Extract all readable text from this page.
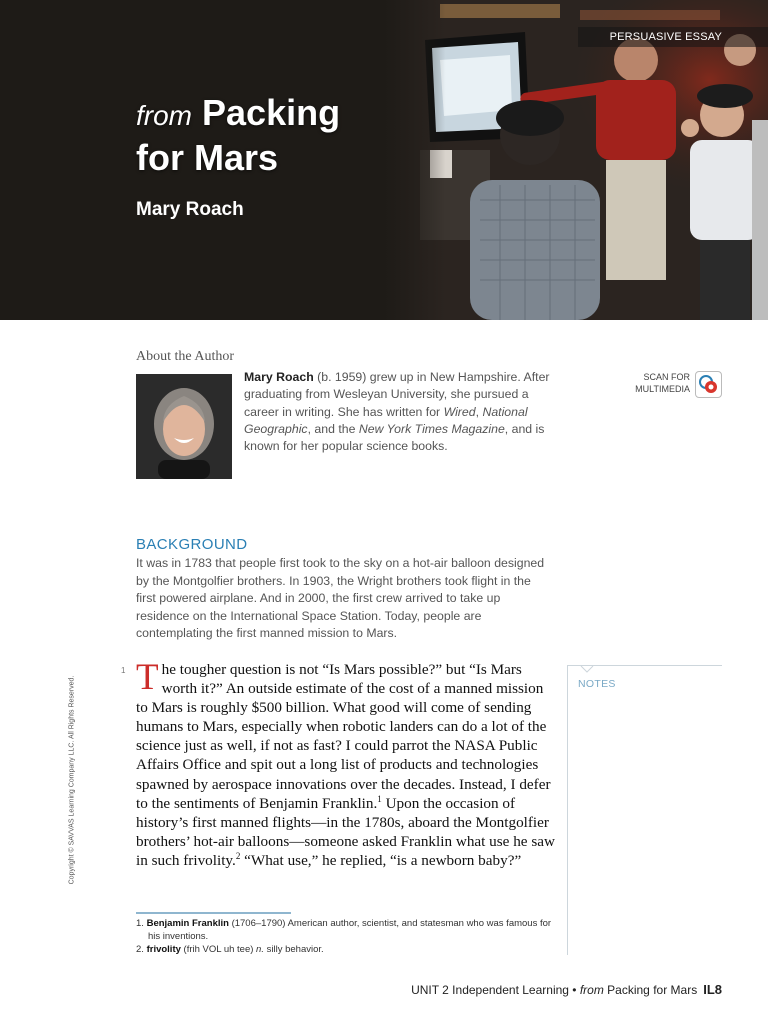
PERSUASIVE ESSAY
from Packing
for Mars
Mary Roach
About the Author
Mary Roach (b. 1959) grew up in New Hampshire. After graduating from Wesleyan University, she pursued a career in writing. She has written for Wired, National Geographic, and the New York Times Magazine, and is known for her popular science books.
SCAN FOR
MULTIMEDIA
BACKGROUND
It was in 1783 that people first took to the sky on a hot-air balloon designed by the Montgolfier brothers. In 1903, the Wright brothers took flight in the first powered airplane. And in 2000, the first crew arrived to take up residence on the International Space Station. Today, people are contemplating the first manned mission to Mars.
1 The tougher question is not “Is Mars possible?” but “Is Mars worth it?” An outside estimate of the cost of a manned mission to Mars is roughly $500 billion. What good will come of sending humans to Mars, especially when robotic landers can do a lot of the science just as well, if not as fast? I could parrot the NASA Public Affairs Office and spit out a long list of products and technologies spawned by aerospace innovations over the decades. Instead, I defer to the sentiments of Benjamin Franklin.$^1$ Upon the occasion of history’s first manned flights—in the 1780s, aboard the Montgolfier brothers’ hot-air balloons—someone asked Franklin what use he saw in such frivolity.$^2$ “What use,” he replied, “is a newborn baby?”

NOTES
Copyright © SAVVAS Learning Company LLC. All Rights Reserved.

1. Benjamin Franklin (1706–1790) American author, scientist, and statesman who was famous for his inventions.

2. frivolity (frih VOL uh tee) n. silly behavior.

UNIT 2 Independent Learning • from Packing for Mars IL8
